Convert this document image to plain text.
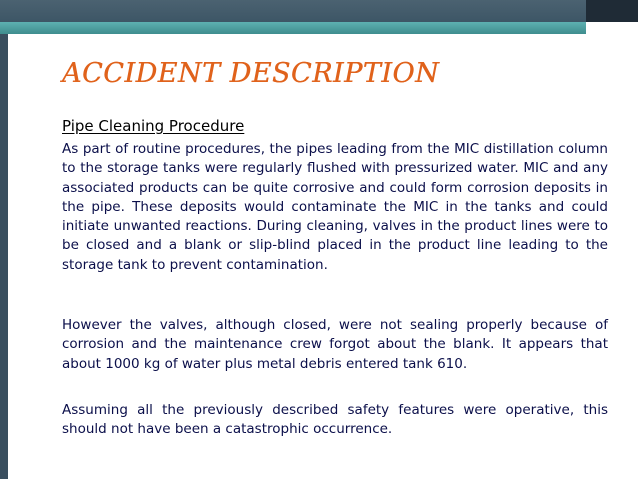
ACCIDENT DESCRIPTION
Pipe Cleaning Procedure

As part of routine procedures, the pipes leading from the MIC distillation column to the storage tanks were regularly flushed with pressurized water. MIC and any associated products can be quite corrosive and could form corrosion deposits in the pipe. These deposits would contaminate the MIC in the tanks and could initiate unwanted reactions. During cleaning, valves in the product lines were to be closed and a blank or slip-blind placed in the product line leading to the storage tank to prevent contamination.

However the valves, although closed, were not sealing properly because of corrosion and the maintenance crew forgot about the blank. It appears that about 1000 kg of water plus metal debris entered tank 610.

Assuming all the previously described safety features were operative, this should not have been a catastrophic occurrence.
